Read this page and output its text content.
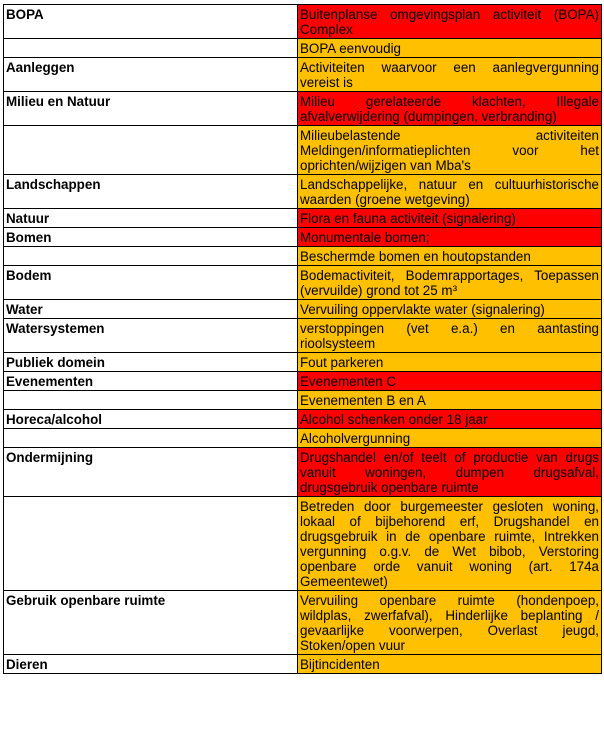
BOPA	Buitenplanse omgevingsplan activiteit (BOPA) Complex
	BOPA eenvoudig
Aanleggen	Activiteiten waarvoor een aanlegvergunning vereist is
Milieu en Natuur	Milieu gerelateerde klachten, Illegale afvalverwijdering (dumpingen, verbranding)
	Milieubelastende activiteiten Meldingen/informatieplichten voor het oprichten/wijzigen van Mba's
Landschappen	Landschappelijke, natuur en cultuurhistorische waarden (groene wetgeving)
Natuur	Flora en fauna activiteit (signalering)
Bomen	Monumentale bomen;
	Beschermde bomen en houtopstanden
Bodem	Bodemactiviteit, Bodemrapportages, Toepassen (vervuilde) grond tot 25 m³
Water	Vervuiling oppervlakte water (signalering)
Watersystemen	verstoppingen (vet e.a.) en aantasting rioolsysteem
Publiek domein	Fout parkeren
Evenementen	Evenementen C
	Evenementen B en A
Horeca/alcohol	Alcohol schenken onder 18 jaar
	Alcoholvergunning
Ondermijning	Drugshandel en/of teelt of productie van drugs vanuit woningen, dumpen drugsafval, drugsgebruik openbare ruimte
	Betreden door burgemeester gesloten woning, lokaal of bijbehorend erf, Drugshandel en drugsgebruik in de openbare ruimte, Intrekken vergunning o.g.v. de Wet bibob, Verstoring openbare orde vanuit woning (art. 174a Gemeentewet)
Gebruik openbare ruimte	Vervuiling openbare ruimte (hondenpoep, wildplas, zwerfafval), Hinderlijke beplanting / gevaarlijke voorwerpen, Overlast jeugd, Stoken/open vuur
Dieren	Bijtincidenten
